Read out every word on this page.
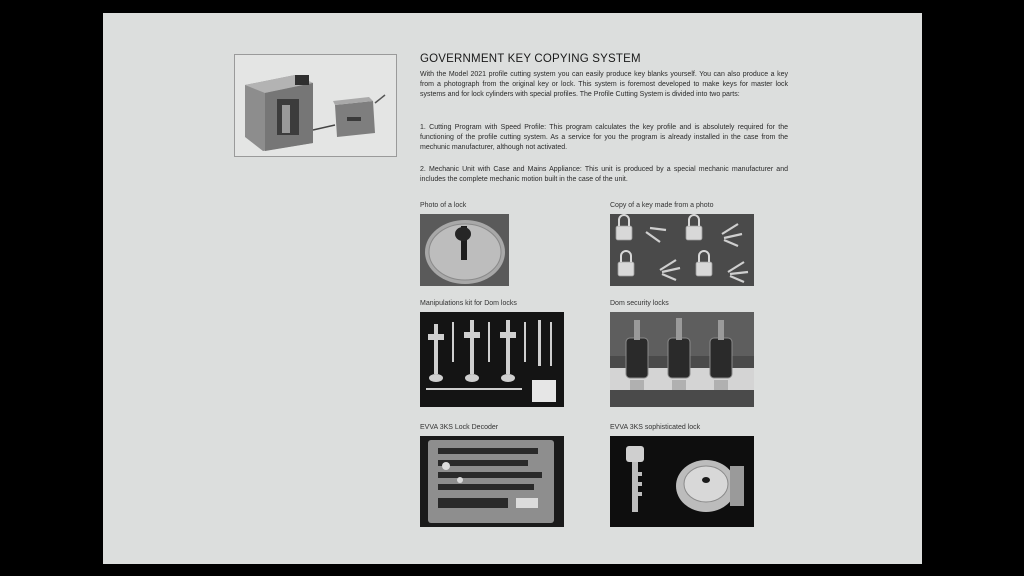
GOVERNMENT KEY COPYING SYSTEM
With the Model 2021 profile cutting system you can easily produce key blanks yourself. You can also produce a key from a photograph from the original key or lock. This system is foremost developed to make keys for master lock systems and for lock cylinders with special profiles. The Profile Cutting System is divided into two parts:
1. Cutting Program with Speed Profile: This program calculates the key profile and is absolutely required for the functioning of the profile cutting system. As a service for you the program is already installed in the case from the mechunic manufacturer, although not activated.
2. Mechanic Unit with Case and Mains Appliance: This unit is produced by a special mechanic manufacturer and includes the complete mechanic motion built in the case of the unit.
Photo of a lock	Copy of a key made from a photo
Manipulations kit for Dom locks	Dom security locks
EVVA 3KS Lock Decoder	EVVA 3KS sophisticated lock
